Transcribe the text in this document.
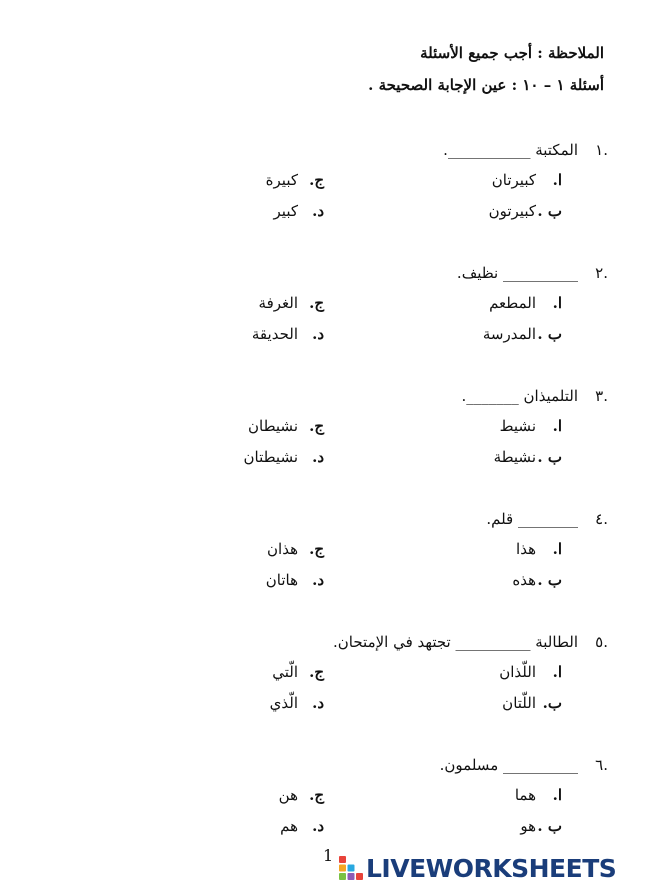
الملاحظة : أجب جميع الأسئلة
أسئلة ١ – ١٠ : عين الإجابة الصحيحة .
.١المكتبة ___________.
ا.كبيرتان
ب .كبيرتون
ج.كبيرة
د.كبير
.٢__________ نظيف.
ا.المطعم
ب .المدرسة
ج.الغرفة
د.الحديقة
.٣التلميذان _______.
ا.نشيط
ب .نشيطة
ج.نشيطان
د.نشيطتان
.٤________ قلم.
ا.هذا
ب .هذه
ج.هذان
د.هاتان
.٥الطالبة __________ تجتهد في الإمتحان.
ا.اللّذان
ب.اللّتان
ج.الّتي
د.الّذي
.٦__________ مسلمون.
ا.هما
ب .هو
ج.هن
د.هم
1 LIVEWORKSHEETS
